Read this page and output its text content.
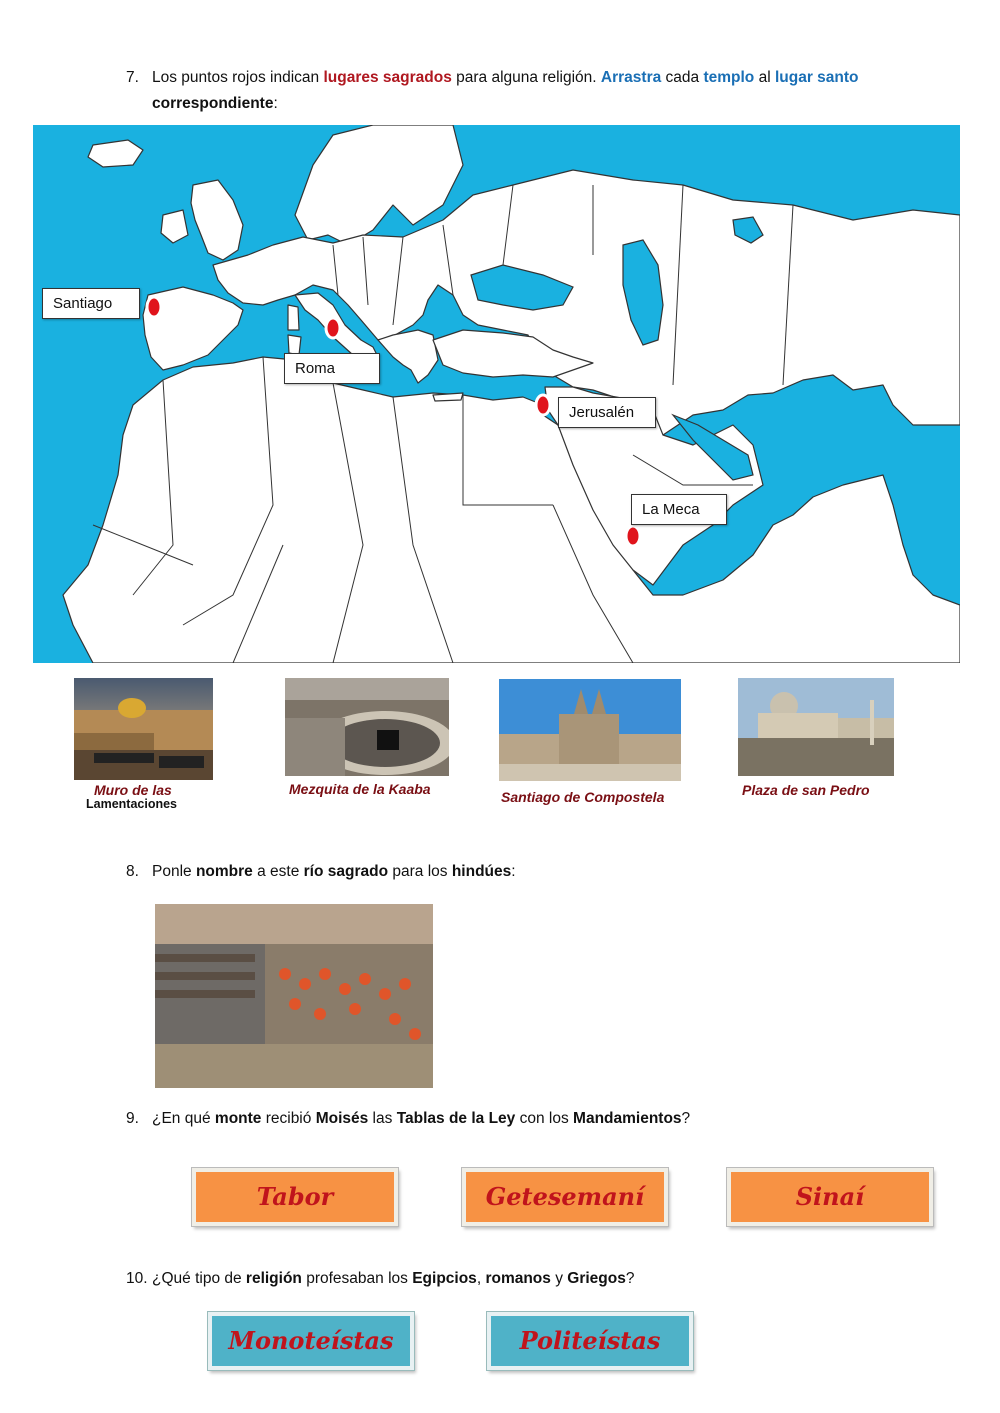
7. Los puntos rojos indican lugares sagrados para alguna religión. Arrastra cada templo al lugar santo
correspondiente:
Santiago
Roma
Jerusalén
La Meca
Muro de las
Lamentaciones
Mezquita de la Kaaba	Santiago de Compostela	Plaza de san Pedro
8. Ponle nombre a este río sagrado para los hindúes:
9. ¿En qué monte recibió Moisés las Tablas de la Ley con los Mandamientos?
Tabor	Getesemaní	Sinaí
10. ¿Qué tipo de religión profesaban los Egipcios, romanos y Griegos?
Monoteístas	Politeístas
